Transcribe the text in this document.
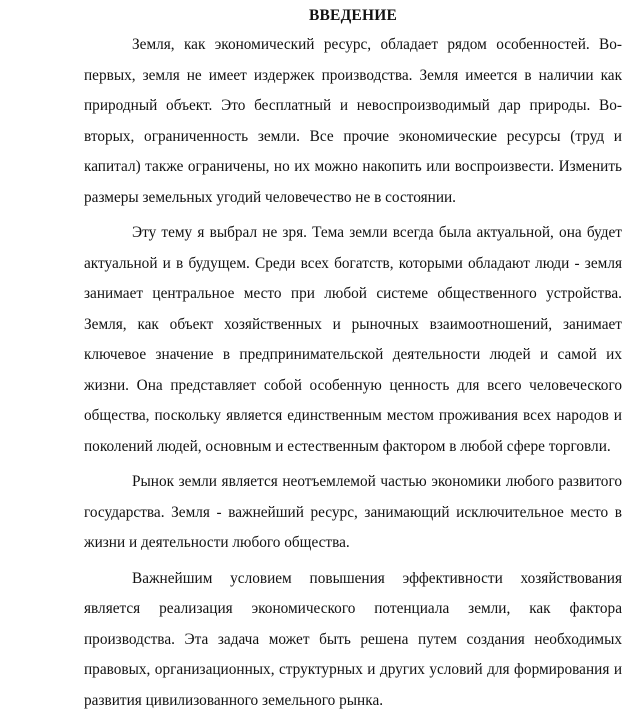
ВВЕДЕНИЕ

Земля, как экономический ресурс, обладает рядом особенностей. Во-первых, земля не имеет издержек производства. Земля имеется в наличии как природный объект. Это бесплатный и невоспроизводимый дар природы. Во-вторых, ограниченность земли. Все прочие экономические ресурсы (труд и капитал) также ограничены, но их можно накопить или воспроизвести. Изменить размеры земельных угодий человечество не в состоянии.

Эту тему я выбрал не зря. Тема земли всегда была актуальной, она будет актуальной и в будущем. Среди всех богатств, которыми обладают люди - земля занимает центральное место при любой системе общественного устройства. Земля, как объект хозяйственных и рыночных взаимоотношений, занимает ключевое значение в предпринимательской деятельности людей и самой их жизни. Она представляет собой особенную ценность для всего человеческого общества, поскольку является единственным местом проживания всех народов и поколений людей, основным и естественным фактором в любой сфере торговли.

Рынок земли является неотъемлемой частью экономики любого развитого государства. Земля - важнейший ресурс, занимающий исключительное место в жизни и деятельности любого общества.

Важнейшим условием повышения эффективности хозяйствования является реализация экономического потенциала земли, как фактора производства. Эта задача может быть решена путем создания необходимых правовых, организационных, структурных и других условий для формирования и развития цивилизованного земельного рынка.
